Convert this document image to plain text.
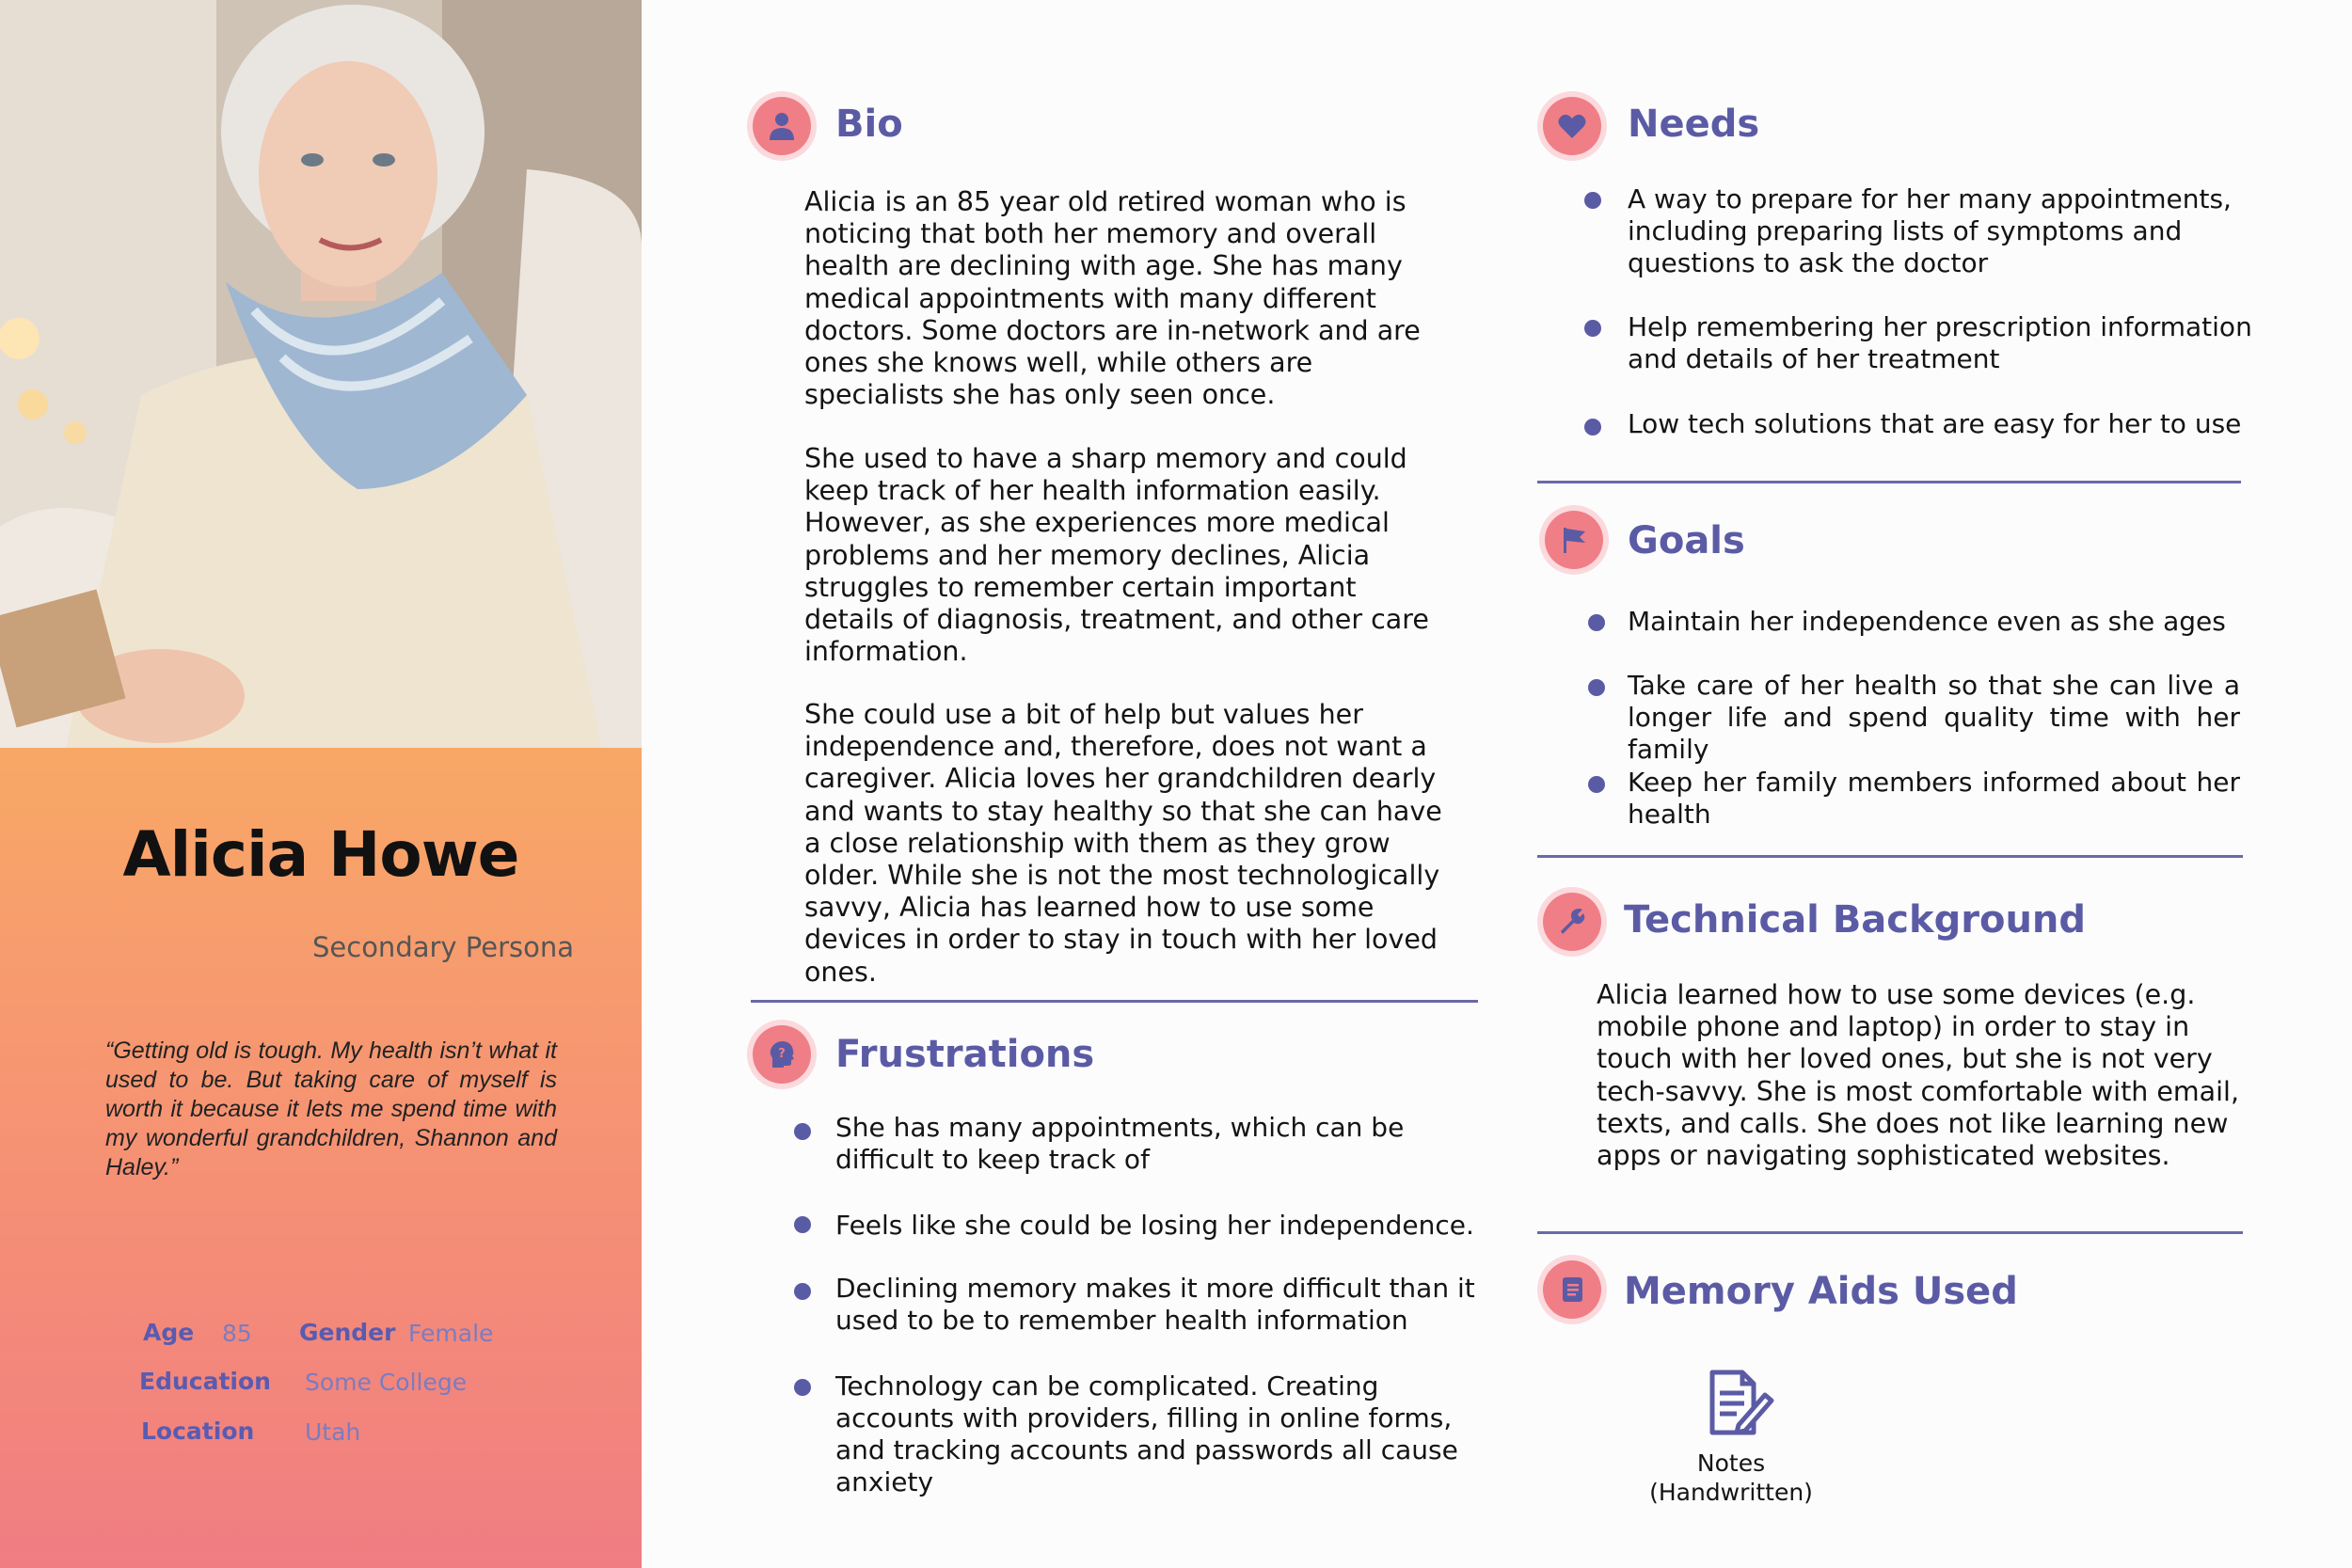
Alicia Howe
Secondary Persona
“Getting old is tough. My health isn’t what it used to be. But taking care of myself is worth it because it lets me spend time with my wonderful grandchildren, Shannon and Haley.”
Age 85 Gender Female
Education Some College
Location Utah
Bio
Alicia is an 85 year old retired woman who is noticing that both her memory and overall health are declining with age. She has many medical appointments with many different doctors. Some doctors are in-network and are ones she knows well, while others are specialists she has only seen once.
She used to have a sharp memory and could keep track of her health information easily. However, as she experiences more medical problems and her memory declines, Alicia struggles to remember certain important details of diagnosis, treatment, and other care information.
She could use a bit of help but values her independence and, therefore, does not want a caregiver. Alicia loves her grandchildren dearly and wants to stay healthy so that she can have a close relationship with them as they grow older. While she is not the most technologically savvy, Alicia has learned how to use some devices in order to stay in touch with her loved ones.
? Frustrations
She has many appointments, which can be difficult to keep track of
Feels like she could be losing her independence.
Declining memory makes it more difficult than it used to be to remember health information
Technology can be complicated. Creating accounts with providers, filling in online forms, and tracking accounts and passwords all cause anxiety
Needs
A way to prepare for her many appointments, including preparing lists of symptoms and questions to ask the doctor
Help remembering her prescription information and details of her treatment
Low tech solutions that are easy for her to use
Goals
Maintain her independence even as she ages
Take care of her health so that she can live a longer life and spend quality time with her family
Keep her family members informed about her health
Technical Background
Alicia learned how to use some devices (e.g. mobile phone and laptop) in order to stay in touch with her loved ones, but she is not very tech-savvy. She is most comfortable with email, texts, and calls. She does not like learning new apps or navigating sophisticated websites.
Memory Aids Used
Notes (Handwritten)
